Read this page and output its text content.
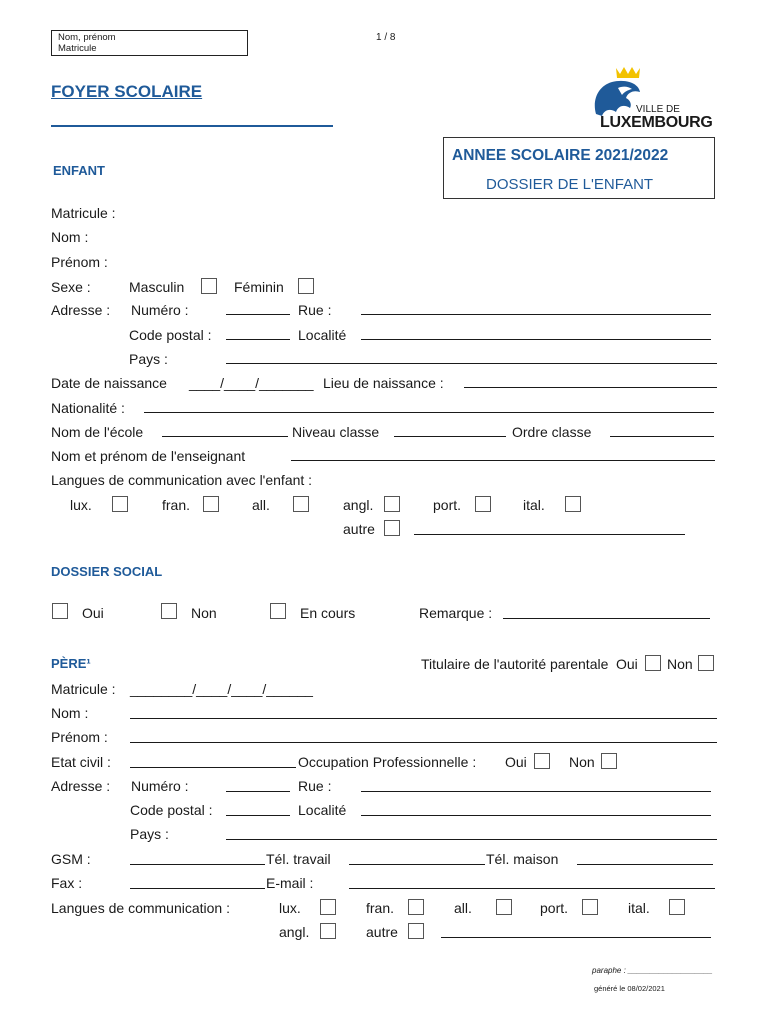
Nom, prénom
Matricule
1 / 8
FOYER SCOLAIRE
VILLE DE
LUXEMBOURG
ANNEE SCOLAIRE 2021/2022
DOSSIER DE L'ENFANT
ENFANT
Matricule :
Nom :
Prénom :
Sexe :	Masculin	Féminin
Adresse : Numéro :	Rue :
Code postal :	Localité
Pays :
Date de naissance ____/____/_______ Lieu de naissance :
Nationalité :
Nom de l'école	Niveau classe	Ordre classe
Nom et prénom de l'enseignant
Langues de communication avec l'enfant :
lux.	fran.	all.	angl.	port.	ital.
autre
DOSSIER SOCIAL
Oui	Non	En cours	Remarque :
PÈRE¹	Titulaire de l'autorité parentale Oui Non
Matricule : ________/____/____/______
Nom :
Prénom :
Etat civil :	Occupation Professionnelle : Oui	Non
Adresse : Numéro :	Rue :
Code postal :	Localité
Pays :
GSM :	Tél. travail	Tél. maison
Fax :	E-mail :
Langues de communication :	lux.	fran.	all.	port.	ital.
angl.	autre
paraphe : ___________________
généré le 08/02/2021
